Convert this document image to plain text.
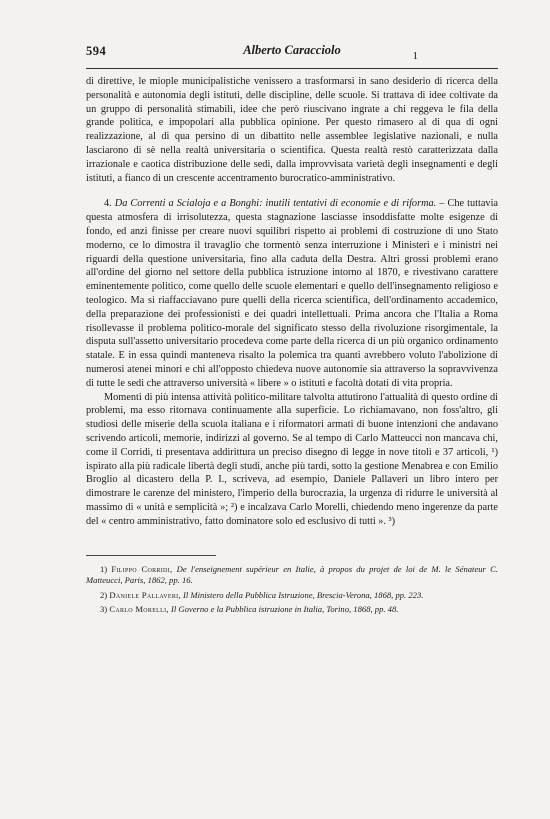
594	Alberto Caracciolo	1

di direttive, le miople municipalistiche venissero a trasformarsi in sano desiderio di ricerca della personalità e autonomia degli istituti, delle discipline, delle scuole. Si trattava di idee coltivate da un gruppo di personalità stimabili, idee che però riuscivano ingrate a chi reggeva le fila della grande politica, e impopolari alla pubblica opinione. Per questo rimasero al di qua di ogni realizzazione, al di qua persino di un dibattito nelle assemblee legislative nazionali, e nulla lasciarono di sè nella realtà universitaria o scientifica. Questa realtà restò caratterizzata dalla irrazionale e caotica distribuzione delle sedi, dalla improvvisata varietà degli insegnamenti e degli istituti, a fianco di un crescente accentramento burocratico-amministrativo.

4. Da Correnti a Scialoja e a Bonghi: inutili tentativi di economie e di riforma. – Che tuttavia questa atmosfera di irrisolutezza, questa stagnazione lasciasse insoddisfatte molte esigenze di fondo, ed anzi finisse per creare nuovi squilibri rispetto ai problemi di costruzione di uno Stato moderno, ce lo dimostra il travaglio che tormentò senza interruzione i Ministeri e i ministri nei riguardi della questione universitaria, fino alla caduta della Destra. Altri grossi problemi erano all'ordine del giorno nel settore della pubblica istruzione intorno al 1870, e rivestivano carattere eminentemente politico, come quello delle scuole elementari e quello dell'insegnamento religioso e teologico. Ma si riaffacciavano pure quelli della ricerca scientifica, dell'ordinamento accademico, della preparazione dei professionisti e dei quadri intellettuali. Prima ancora che l'Italia a Roma risollevasse il problema politico-morale del significato stesso della rivoluzione risorgimentale, la disputa sull'assetto universitario procedeva come parte della ricerca di un più organico ordinamento statale. E in essa quindi manteneva risalto la polemica tra quanti avrebbero voluto l'abolizione di numerosi atenei minori e chi all'opposto chiedeva nuove autonomie sia attraverso la sopravvivenza di tutte le sedi che attraverso università « libere » o istituti e facoltà dotati di vita propria.

Momenti di più intensa attività politico-militare talvolta attutirono l'attualità di questo ordine di problemi, ma esso ritornava continuamente alla superficie. Lo richiamavano, non foss'altro, gli studiosi delle miserie della scuola italiana e i riformatori armati di buone intenzioni che andavano scrivendo articoli, memorie, indirizzi al governo. Se al tempo di Carlo Matteucci non mancava chi, come il Corridi, ti presentava addirittura un preciso disegno di legge in nove titoli e 37 articoli, ¹) ispirato alla più radicale libertà degli studi, anche più tardi, sotto la gestione Menabrea e con Emilio Broglio al dicastero della P. I., scriveva, ad esempio, Daniele Pallaveri un libro intero per dimostrare le carenze del ministero, l'imperio della burocrazia, la urgenza di ridurre le università al massimo di « unità e semplicità »; ²) e incalzava Carlo Morelli, chiedendo meno ingerenze da parte del « centro amministrativo, fatto dominatore solo ed esclusivo di tutti ». ³)

1) Filippo Corridi, De l'enseignement supérieur en Italie, à propos du projet de loi de M. le Sénateur C. Matteucci, Paris, 1862, pp. 16.

2) Daniele Pallaveri, Il Ministero della Pubblica Istruzione, Brescia-Verona, 1868, pp. 223.

3) Carlo Morelli, Il Governo e la Pubblica istruzione in Italia, Torino, 1868, pp. 48.
